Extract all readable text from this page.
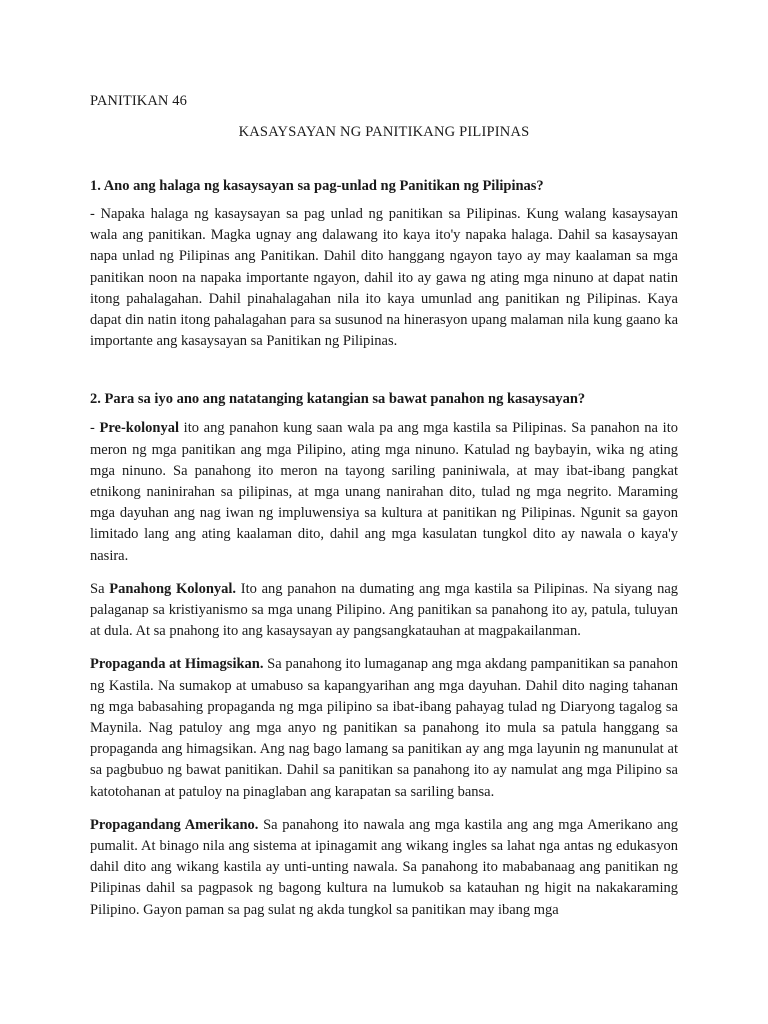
PANITIKAN 46
KASAYSAYAN NG PANITIKANG PILIPINAS

1. Ano ang halaga ng kasaysayan sa pag-unlad ng Panitikan ng Pilipinas?

- Napaka halaga ng kasaysayan sa pag unlad ng panitikan sa Pilipinas. Kung walang kasaysayan wala ang panitikan. Magka ugnay ang dalawang ito kaya ito'y napaka halaga. Dahil sa kasaysayan napa unlad ng Pilipinas ang Panitikan. Dahil dito hanggang ngayon tayo ay may kaalaman sa mga panitikan noon na napaka importante ngayon, dahil ito ay gawa ng ating mga ninuno at dapat natin itong pahalagahan. Dahil pinahalagahan nila ito kaya umunlad ang panitikan ng Pilipinas. Kaya dapat din natin itong pahalagahan para sa susunod na hinerasyon upang malaman nila kung gaano ka importante ang kasaysayan sa Panitikan ng Pilipinas.

2. Para sa iyo ano ang natatanging katangian sa bawat panahon ng kasaysayan?

- Pre-kolonyal ito ang panahon kung saan wala pa ang mga kastila sa Pilipinas. Sa panahon na ito meron ng mga panitikan ang mga Pilipino, ating mga ninuno. Katulad ng baybayin, wika ng ating mga ninuno. Sa panahong ito meron na tayong sariling paniniwala, at may ibat-ibang pangkat etnikong naninirahan sa pilipinas, at mga unang nanirahan dito, tulad ng mga negrito. Maraming mga dayuhan ang nag iwan ng impluwensiya sa kultura at panitikan ng Pilipinas. Ngunit sa gayon limitado lang ang ating kaalaman dito, dahil ang mga kasulatan tungkol dito ay nawala o kaya'y nasira.

Sa Panahong Kolonyal. Ito ang panahon na dumating ang mga kastila sa Pilipinas. Na siyang nag palaganap sa kristiyanismo sa mga unang Pilipino. Ang panitikan sa panahong ito ay, patula, tuluyan at dula. At sa pnahong ito ang kasaysayan ay pangsangkatauhan at magpakailanman.

Propaganda at Himagsikan. Sa panahong ito lumaganap ang mga akdang pampanitikan sa panahon ng Kastila. Na sumakop at umabuso sa kapangyarihan ang mga dayuhan. Dahil dito naging tahanan ng mga babasahing propaganda ng mga pilipino sa ibat-ibang pahayag tulad ng Diaryong tagalog sa Maynila. Nag patuloy ang mga anyo ng panitikan sa panahong ito mula sa patula hanggang sa propaganda ang himagsikan. Ang nag bago lamang sa panitikan ay ang mga layunin ng manunulat at sa pagbubuo ng bawat panitikan. Dahil sa panitikan sa panahong ito ay namulat ang mga Pilipino sa katotohanan at patuloy na pinaglaban ang karapatan sa sariling bansa.

Propagandang Amerikano. Sa panahong ito nawala ang mga kastila ang ang mga Amerikano ang pumalit. At binago nila ang sistema at ipinagamit ang wikang ingles sa lahat nga antas ng edukasyon dahil dito ang wikang kastila ay unti-unting nawala. Sa panahong ito mababanaag ang panitikan ng Pilipinas dahil sa pagpasok ng bagong kultura na lumukob sa katauhan ng higit na nakakaraming Pilipino. Gayon paman sa pag sulat ng akda tungkol sa panitikan may ibang mga
